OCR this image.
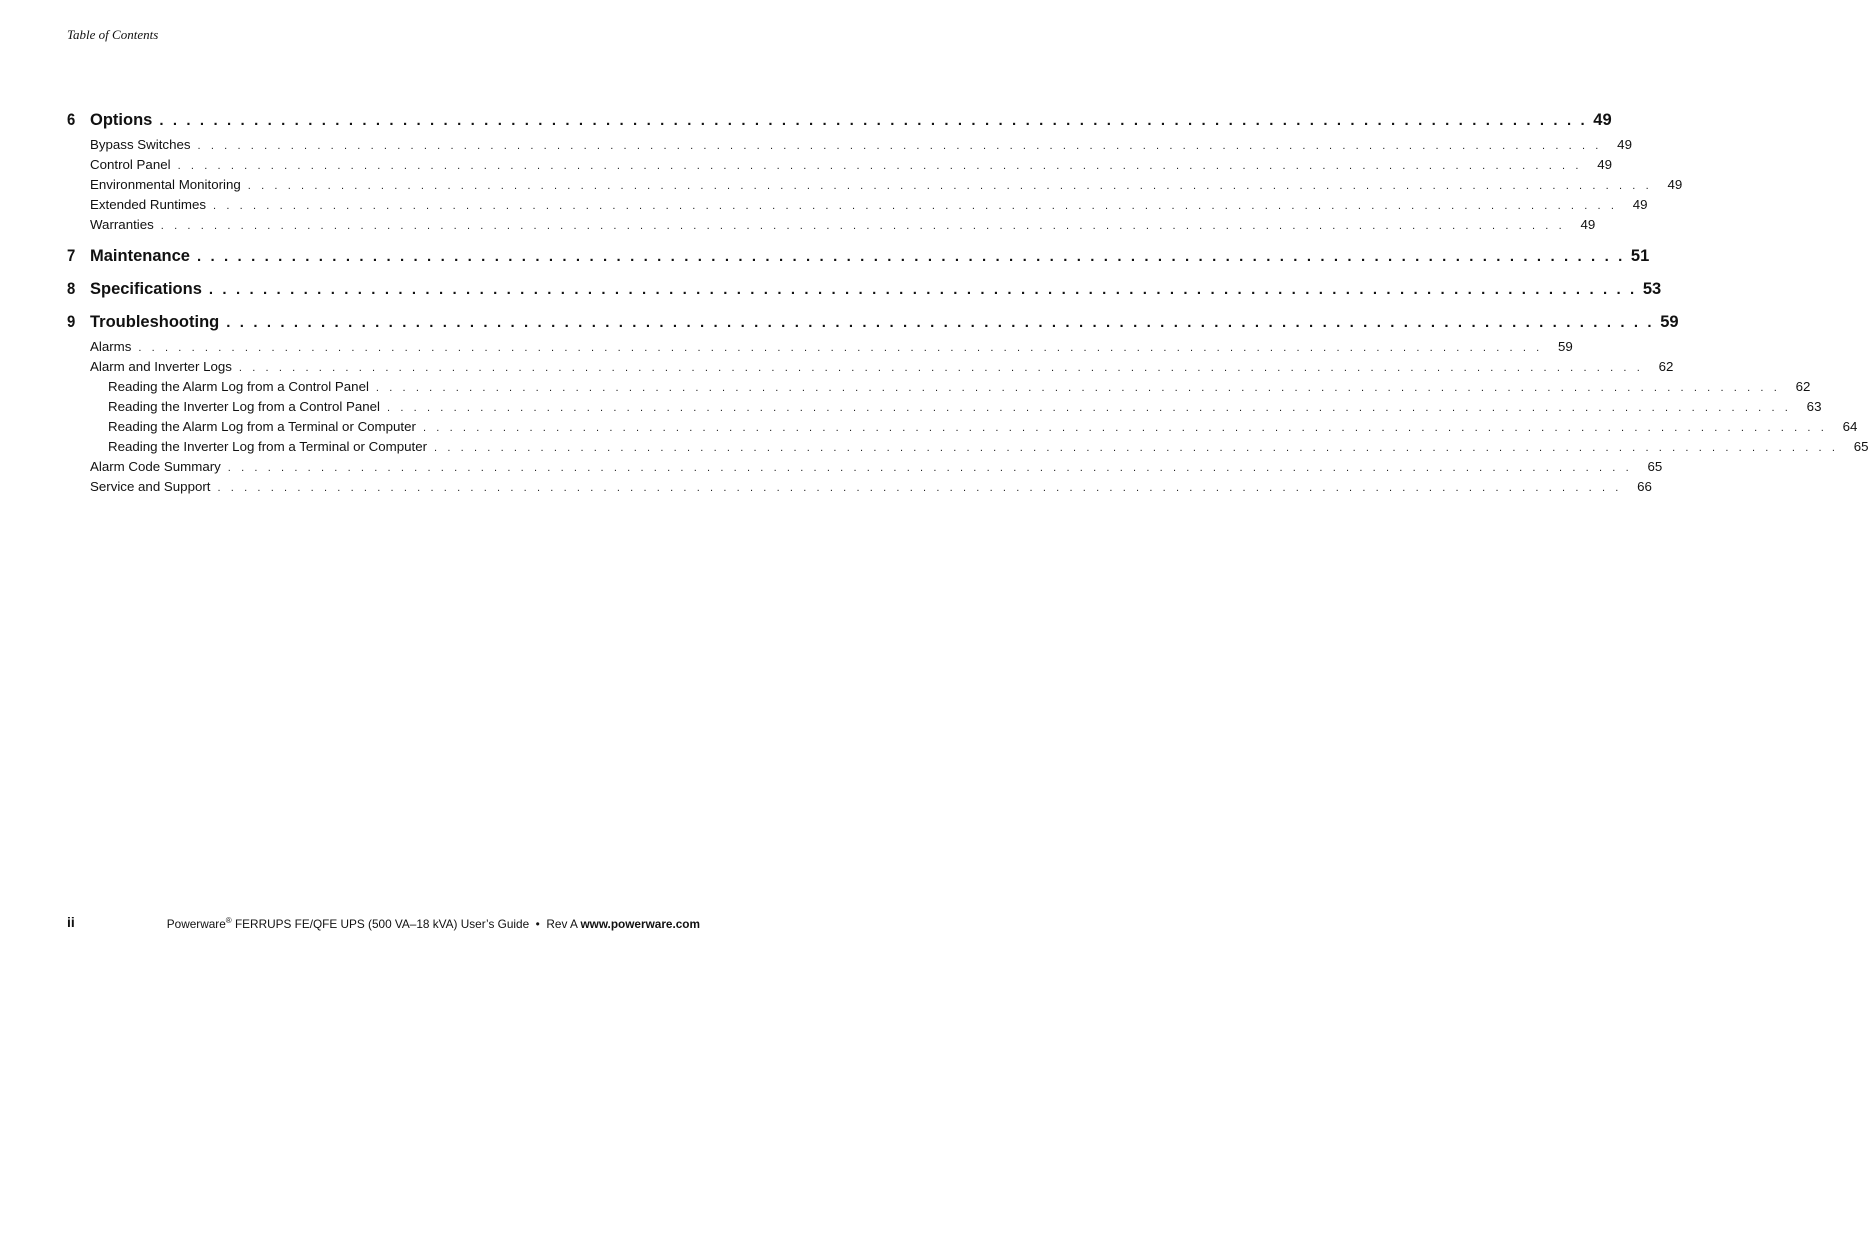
Table of Contents
6 Options . . . . . . . . . . . . . . . . . . . . . . . . . . . . . . . . . . . . . . . . . . . . . . . . . . . . . . . . . . . . . . . . . . . . . . . . . . . . . . . . . . . . . . . . . . . . . . . . . . . . . . . . . . 49
Bypass Switches . . . . . . . . . . . . . . . . . . . . . . . . . . . . . . . . . . . . . . . . . . . . . . . . . . . . . . . . . . . . . . . . . . . . . . . . . . . . . . . . . . . . . . . . . . . . . . . . . . . . . . . . . .	49
Control Panel . . . . . . . . . . . . . . . . . . . . . . . . . . . . . . . . . . . . . . . . . . . . . . . . . . . . . . . . . . . . . . . . . . . . . . . . . . . . . . . . . . . . . . . . . . . . . . . . . . . . . . . . . .	49
Environmental Monitoring . . . . . . . . . . . . . . . . . . . . . . . . . . . . . . . . . . . . . . . . . . . . . . . . . . . . . . . . . . . . . . . . . . . . . . . . . . . . . . . . . . . . . . . . . . . . . . . . . . . . . . . . . .	49
Extended Runtimes . . . . . . . . . . . . . . . . . . . . . . . . . . . . . . . . . . . . . . . . . . . . . . . . . . . . . . . . . . . . . . . . . . . . . . . . . . . . . . . . . . . . . . . . . . . . . . . . . . . . . . . . . .	49
Warranties . . . . . . . . . . . . . . . . . . . . . . . . . . . . . . . . . . . . . . . . . . . . . . . . . . . . . . . . . . . . . . . . . . . . . . . . . . . . . . . . . . . . . . . . . . . . . . . . . . . . . . . . . .	49
7 Maintenance . . . . . . . . . . . . . . . . . . . . . . . . . . . . . . . . . . . . . . . . . . . . . . . . . . . . . . . . . . . . . . . . . . . . . . . . . . . . . . . . . . . . . . . . . . . . . . . . . . . . . . . . . . 51
8 Specifications . . . . . . . . . . . . . . . . . . . . . . . . . . . . . . . . . . . . . . . . . . . . . . . . . . . . . . . . . . . . . . . . . . . . . . . . . . . . . . . . . . . . . . . . . . . . . . . . . . . . . . . . . . 53
9 Troubleshooting . . . . . . . . . . . . . . . . . . . . . . . . . . . . . . . . . . . . . . . . . . . . . . . . . . . . . . . . . . . . . . . . . . . . . . . . . . . . . . . . . . . . . . . . . . . . . . . . . . . . . . . . . . 59
Alarms . . . . . . . . . . . . . . . . . . . . . . . . . . . . . . . . . . . . . . . . . . . . . . . . . . . . . . . . . . . . . . . . . . . . . . . . . . . . . . . . . . . . . . . . . . . . . . . . . . . . . . . . . .	59
Alarm and Inverter Logs . . . . . . . . . . . . . . . . . . . . . . . . . . . . . . . . . . . . . . . . . . . . . . . . . . . . . . . . . . . . . . . . . . . . . . . . . . . . . . . . . . . . . . . . . . . . . . . . . . . . . . . . . .	62
Reading the Alarm Log from a Control Panel . . . . . . . . . . . . . . . . . . . . . . . . . . . . . . . . . . . . . . . . . . . . . . . . . . . . . . . . . . . . . . . . . . . . . . . . . . . . . . . . . . . . . . . . . . . . . . . . . . . . . . . . . .	62
Reading the Inverter Log from a Control Panel . . . . . . . . . . . . . . . . . . . . . . . . . . . . . . . . . . . . . . . . . . . . . . . . . . . . . . . . . . . . . . . . . . . . . . . . . . . . . . . . . . . . . . . . . . . . . . . . . . . . . . . . . .	63
Reading the Alarm Log from a Terminal or Computer . . . . . . . . . . . . . . . . . . . . . . . . . . . . . . . . . . . . . . . . . . . . . . . . . . . . . . . . . . . . . . . . . . . . . . . . . . . . . . . . . . . . . . . . . . . . . . . . . . . . . . . . . .	64
Reading the Inverter Log from a Terminal or Computer . . . . . . . . . . . . . . . . . . . . . . . . . . . . . . . . . . . . . . . . . . . . . . . . . . . . . . . . . . . . . . . . . . . . . . . . . . . . . . . . . . . . . . . . . . . . . . . . . . . . . . . . . .	65
Alarm Code Summary . . . . . . . . . . . . . . . . . . . . . . . . . . . . . . . . . . . . . . . . . . . . . . . . . . . . . . . . . . . . . . . . . . . . . . . . . . . . . . . . . . . . . . . . . . . . . . . . . . . . . . . . . .	65
Service and Support . . . . . . . . . . . . . . . . . . . . . . . . . . . . . . . . . . . . . . . . . . . . . . . . . . . . . . . . . . . . . . . . . . . . . . . . . . . . . . . . . . . . . . . . . . . . . . . . . . . . . . . . . .	66
ii	Powerware® FERRUPS FE/QFE UPS (500 VA–18 kVA) User’s Guide  •  Rev A www.powerware.com
